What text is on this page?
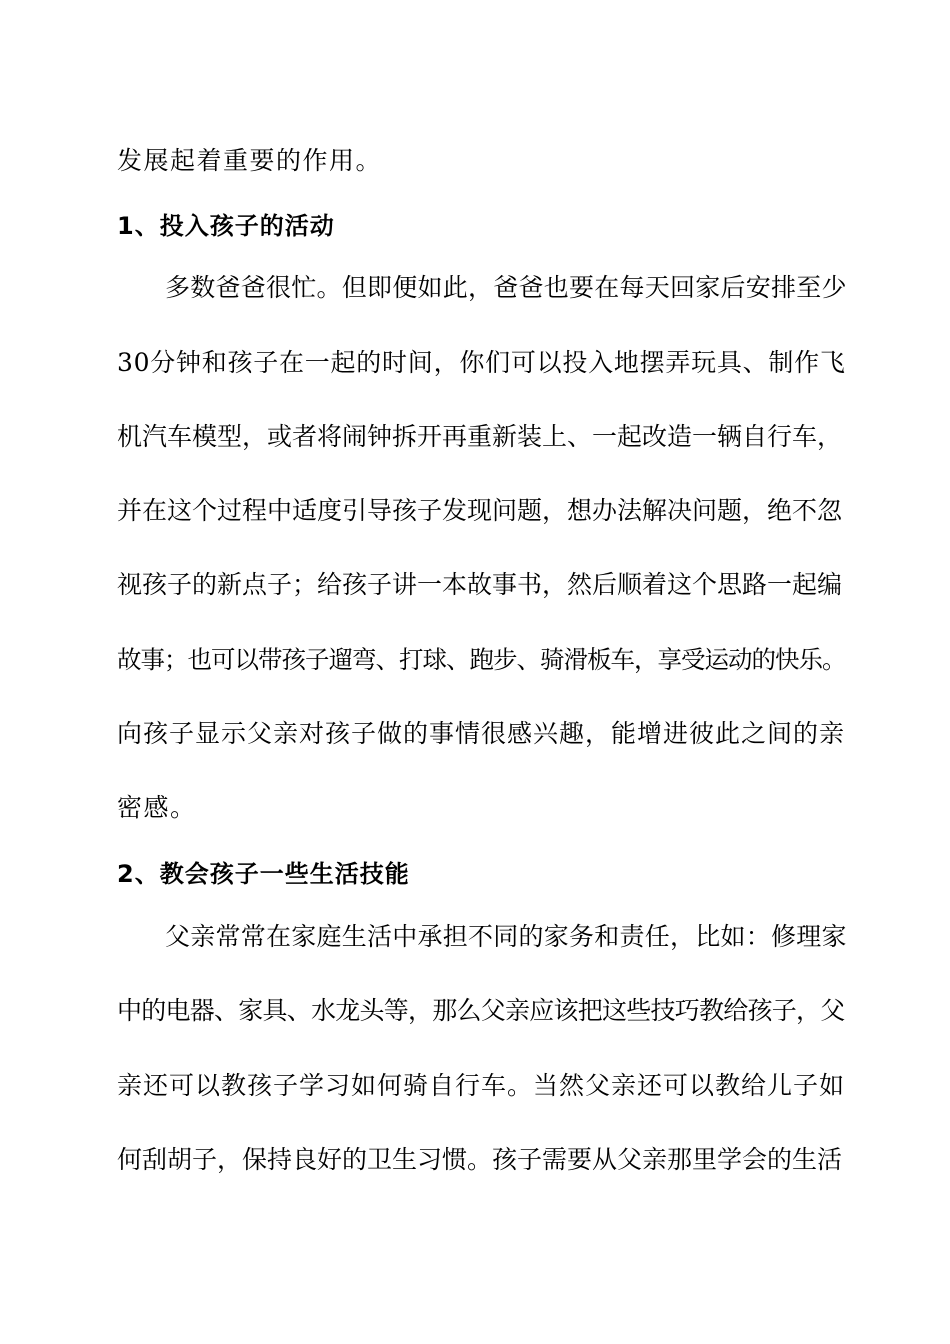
发展起着重要的作用。
1、投入孩子的活动
多数爸爸很忙。但即便如此，爸爸也要在每天回家后安排至少
30分钟和孩子在一起的时间，你们可以投入地摆弄玩具、制作飞
机汽车模型，或者将闹钟拆开再重新装上、一起改造一辆自行车，
并在这个过程中适度引导孩子发现问题，想办法解决问题，绝不忽
视孩子的新点子；给孩子讲一本故事书，然后顺着这个思路一起编
故事；也可以带孩子遛弯、打球、跑步、骑滑板车，享受运动的快乐。
向孩子显示父亲对孩子做的事情很感兴趣，能增进彼此之间的亲
密感。
2、教会孩子一些生活技能
父亲常常在家庭生活中承担不同的家务和责任，比如：修理家
中的电器、家具、水龙头等，那么父亲应该把这些技巧教给孩子，父
亲还可以教孩子学习如何骑自行车。当然父亲还可以教给儿子如
何刮胡子，保持良好的卫生习惯。孩子需要从父亲那里学会的生活
